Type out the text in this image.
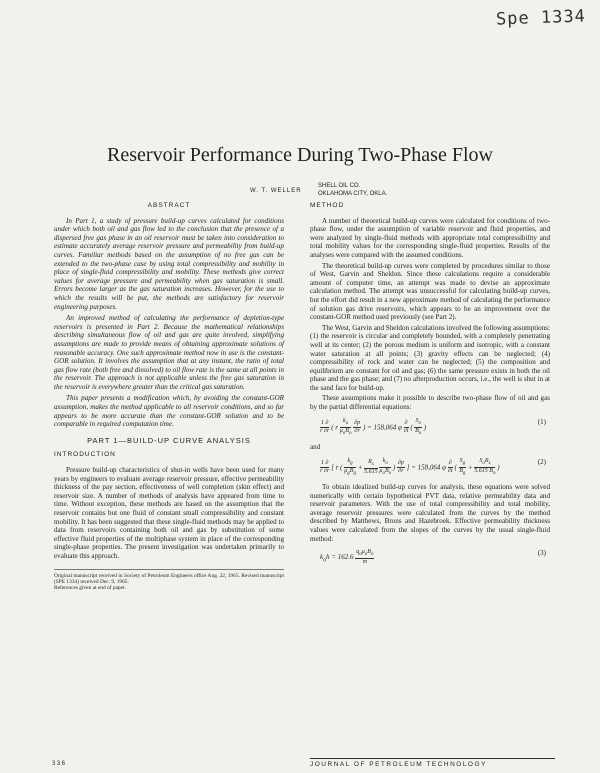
Spe 1334
Reservoir Performance During Two-Phase Flow
W. T. WELLER
SHELL OIL CO.
OKLAHOMA CITY, OKLA.
ABSTRACT

In Part 1, a study of pressure build-up curves calculated for conditions under which both oil and gas flow led to the conclusion that the presence of a dispersed free gas phase in an oil reservoir must be taken into consideration to estimate accurately average reservoir pressure and permeability from build-up curves. Familiar methods based on the assumption of no free gas can be extended to the two-phase case by using total compressibility and mobility in place of single-fluid compressibility and mobility. These methods give correct values for average pressure and permeability when gas saturation is small. Errors become larger as the gas saturation increases. However, for the use to which the results will be put, the methods are satisfactory for reservoir engineering purposes.

An improved method of calculating the performance of depletion-type reservoirs is presented in Part 2. Because the mathematical relationships describing simultaneous flow of oil and gas are quite involved, simplifying assumptions are made to provide means of obtaining approximate solutions of reasonable accuracy. One such approximate method now in use is the constant-GOR solution. It involves the assumption that at any instant, the ratio of total gas flow rate (both free and dissolved) to oil flow rate is the same at all points in the reservoir. The approach is not applicable unless the free gas saturation in the reservoir is everywhere greater than the critical gas saturation.

This paper presents a modification which, by avoiding the constant-GOR assumption, makes the method applicable to all reservoir conditions, and so far appears to be more accurate than the constant-GOR solution and to be comparable in required computation time.

PART 1—BUILD-UP CURVE ANALYSIS
INTRODUCTION

Pressure build-up characteristics of shut-in wells have been used for many years by engineers to evaluate average reservoir pressure, effective permeability thickness of the pay section, effectiveness of well completion (skin effect) and reservoir size. A number of methods of analysis have appeared from time to time. Without exception, these methods are based on the assumption that the reservoir contains but one fluid of constant small compressibility and constant mobility. It has been suggested that these single-fluid methods may be applied to data from reservoirs containing both oil and gas by substitution of some effective fluid properties of the multiphase system in place of the corresponding single-phase properties. The present investigation was undertaken primarily to evaluate this approach.

Original manuscript received in Society of Petroleum Engineers office Aug. 22, 1965. Revised manuscript (SPE 1334) received Dec. 9, 1965.
References given at end of paper.
METHOD

A number of theoretical build-up curves were calculated for conditions of two-phase flow, under the assumption of variable reservoir and fluid properties, and were analyzed by single-fluid methods with appropriate total compressibility and total mobility values for the corresponding single-fluid properties. Results of the analyses were compared with the assumed conditions.

The theoretical build-up curves were completed by procedures similar to those of West, Garvin and Sheldon. Since these calculations require a considerable amount of computer time, an attempt was made to devise an approximate calculation method. The attempt was unsuccessful for calculating build-up curves, but the effort did result in a new approximate method of calculating the performance of solution gas drive reservoirs, which appears to be an improvement over the constant-GOR method used previously (see Part 2).

The West, Garvin and Sheldon calculations involved the following assumptions: (1) the reservoir is circular and completely bounded, with a completely penetrating well at its center; (2) the porous medium is uniform and isotropic, with a constant water saturation at all points; (3) gravity effects can be neglected; (4) compressibility of rock and water can be neglected; (5) the composition and equilibrium are constant for oil and gas; (6) the same pressure exists in both the oil phase and the gas phase; and (7) no afterproduction occurs, i.e., the well is shut in at the sand face for build-up.

These assumptions make it possible to describe two-phase flow of oil and gas by the partial differential equations:

$\frac{1 \partial}{r \partial r}$ ( r $\frac{k_o}{\mu_oB_o}$
$\frac{\partial p}{\partial r}$ ) = 158,064 φ $\frac{\partial}{\partial t}$ ( $\frac{S_o}{B_o}$ )
(1)
and
$\frac{1 \partial}{r \partial r}$ [ r ( $\frac{k_g}{\mu_gB_g} + \frac{R_s}{5.615}$
$\frac{k_o}{\mu_oB_o}$ ) $\frac{\partial p}{\partial r}$ ] = 158,064 φ $\frac{\partial}{\partial t}$ ( $\frac{S_g}{B_g} + \frac{S_oR_s}{5.615 B_o}$ )
(2)

To obtain idealized build-up curves for analysis, these equations were solved numerically with certain hypothetical PVT data, relative permeability data and reservoir parameters. With the use of total compressibility and total mobility, average reservoir pressures were calculated from the curves by the method described by Matthews, Brons and Hazebroek. Effective permeability thickness values were calculated from the slopes of the curves by the usual single-fluid method:

$k_oh = 162.6 \frac{q_o\mu_oB_o}{m}$	(3)
336	JOURNAL OF PETROLEUM TECHNOLOGY
